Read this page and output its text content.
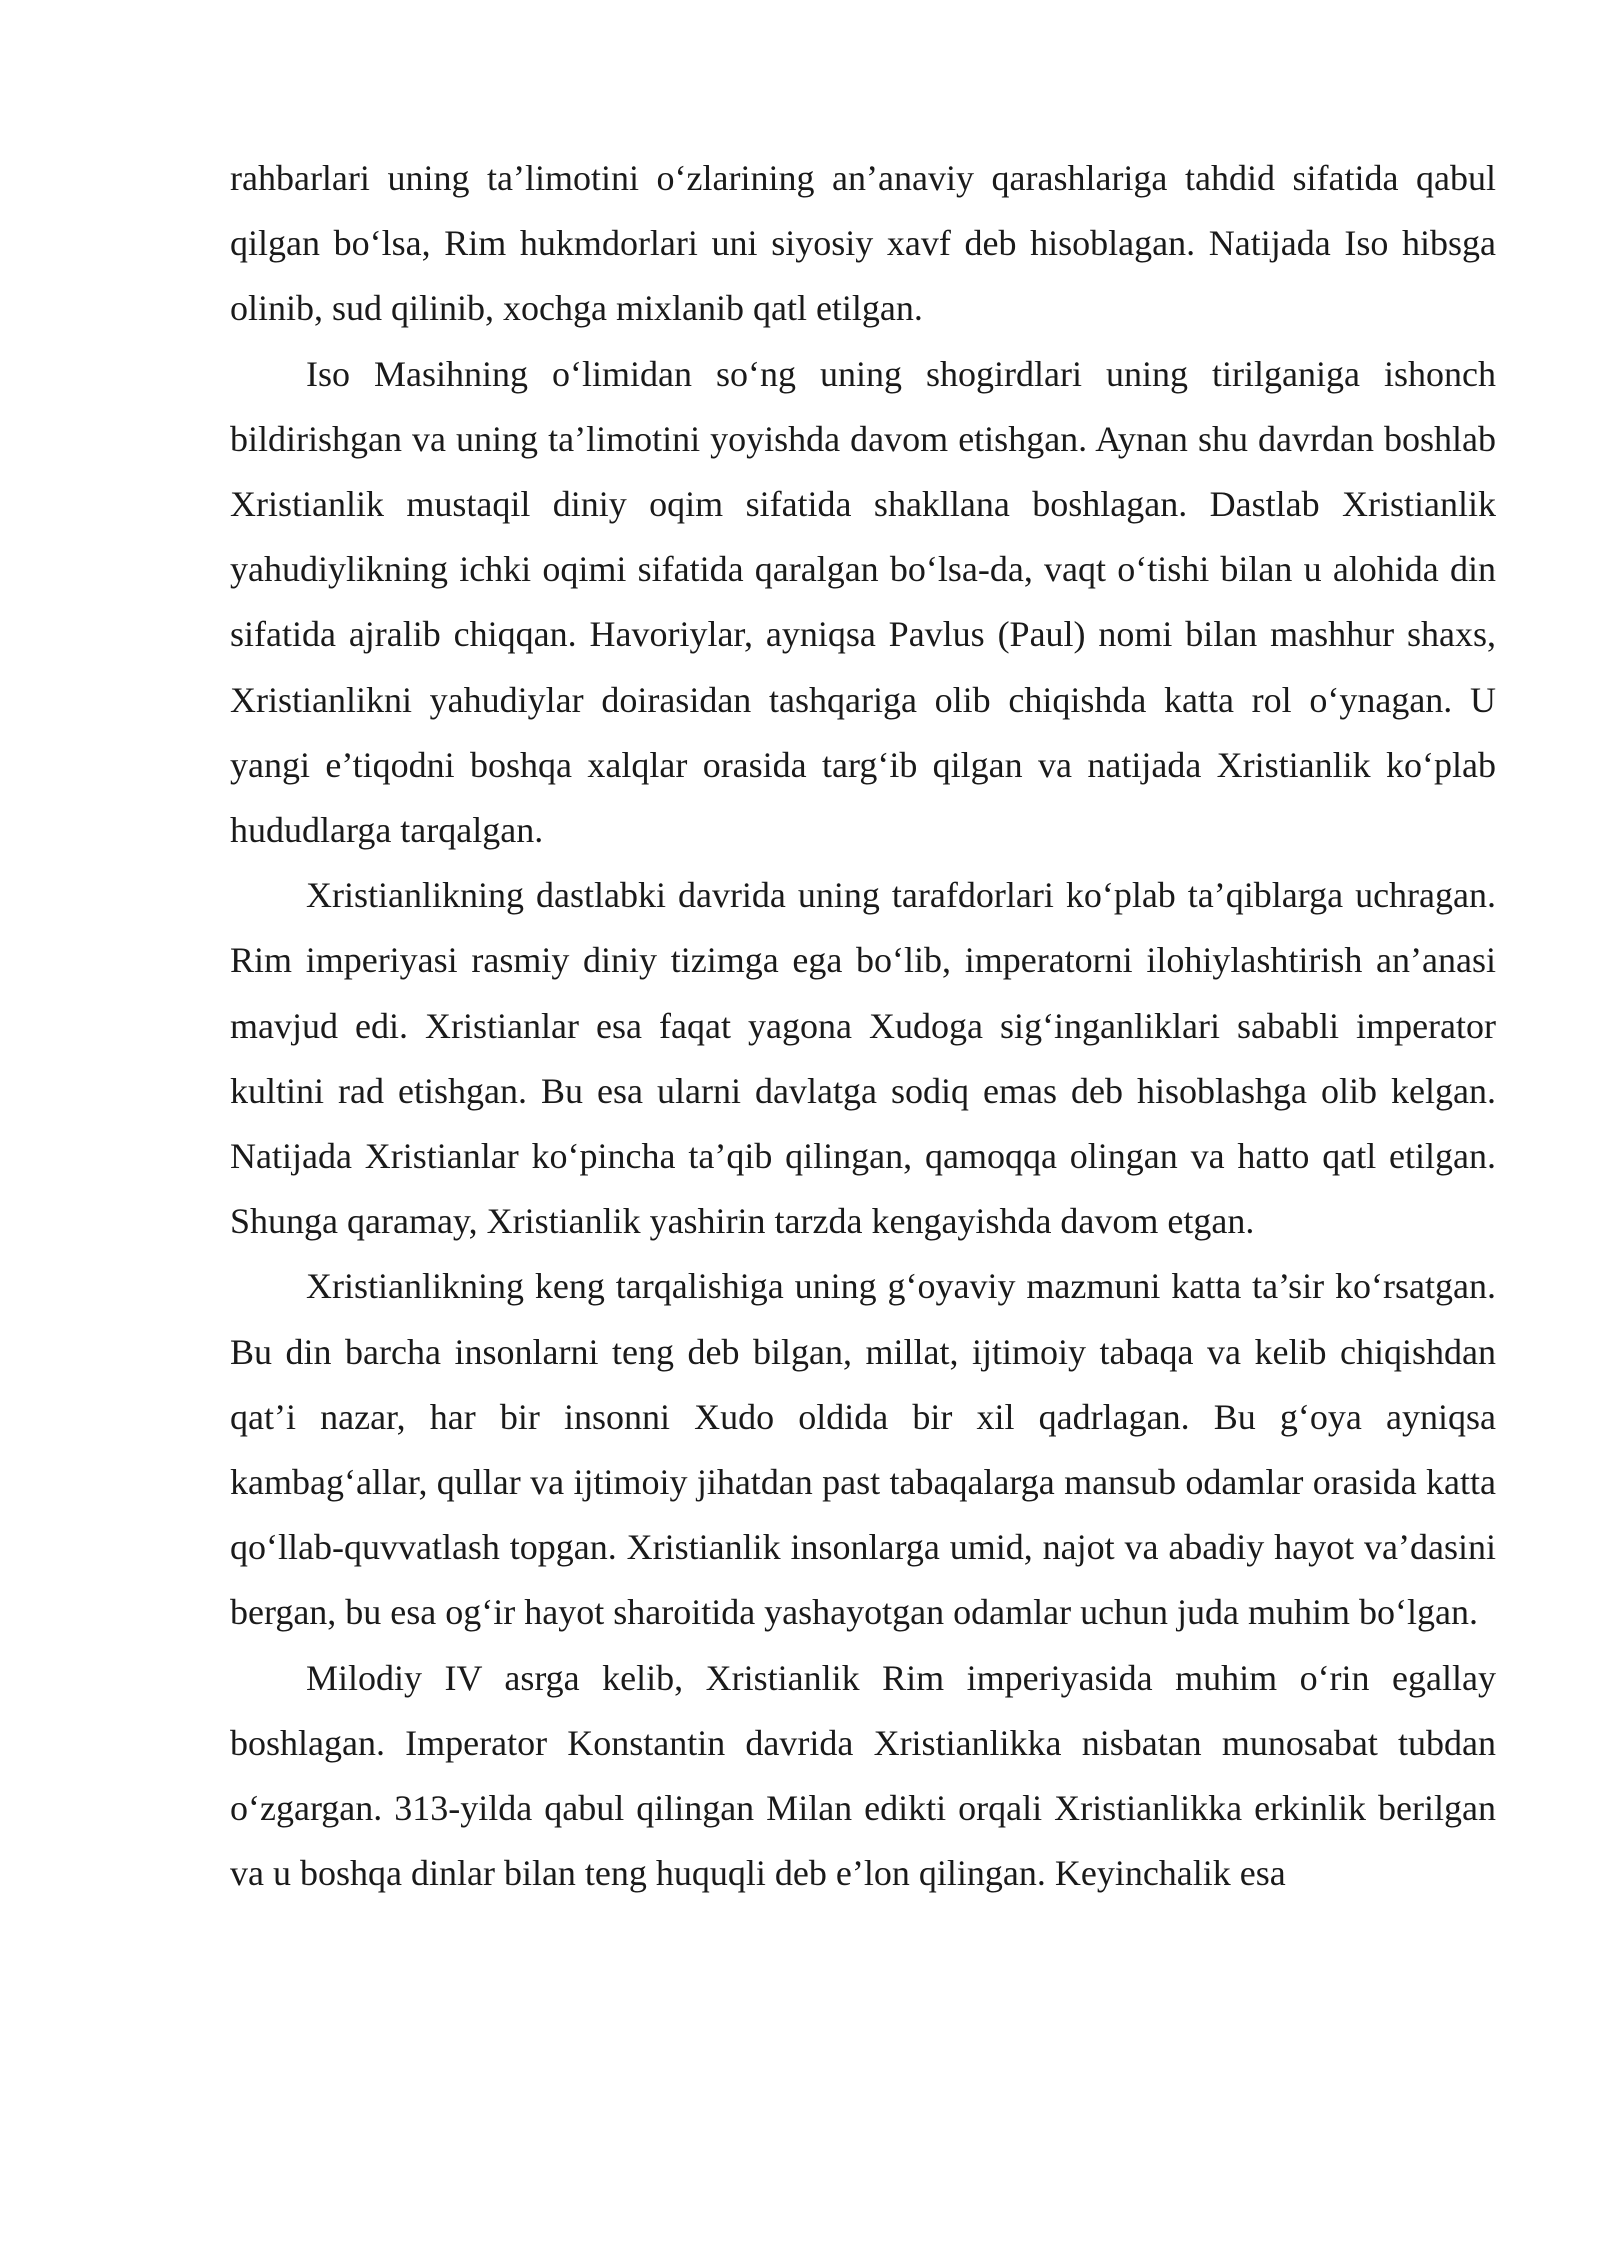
rahbarlari uning ta’limotini o‘zlarining an’anaviy qarashlariga tahdid sifatida qabul qilgan bo‘lsa, Rim hukmdorlari uni siyosiy xavf deb hisoblagan. Natijada Iso hibsga olinib, sud qilinib, xochga mixlanib qatl etilgan.

Iso Masihning o‘limidan so‘ng uning shogirdlari uning tirilganiga ishonch bildirishgan va uning ta’limotini yoyishda davom etishgan. Aynan shu davrdan boshlab Xristianlik mustaqil diniy oqim sifatida shakllana boshlagan. Dastlab Xristianlik yahudiylikning ichki oqimi sifatida qaralgan bo‘lsa-da, vaqt o‘tishi bilan u alohida din sifatida ajralib chiqqan. Havoriylar, ayniqsa Pavlus (Paul) nomi bilan mashhur shaxs, Xristianlikni yahudiylar doirasidan tashqariga olib chiqishda katta rol o‘ynagan. U yangi e’tiqodni boshqa xalqlar orasida targ‘ib qilgan va natijada Xristianlik ko‘plab hududlarga tarqalgan.

Xristianlikning dastlabki davrida uning tarafdorlari ko‘plab ta’qiblarga uchragan. Rim imperiyasi rasmiy diniy tizimga ega bo‘lib, imperatorni ilohiylashtirish an’anasi mavjud edi. Xristianlar esa faqat yagona Xudoga sig‘inganliklari sababli imperator kultini rad etishgan. Bu esa ularni davlatga sodiq emas deb hisoblashga olib kelgan. Natijada Xristianlar ko‘pincha ta’qib qilingan, qamoqqa olingan va hatto qatl etilgan. Shunga qaramay, Xristianlik yashirin tarzda kengayishda davom etgan.

Xristianlikning keng tarqalishiga uning g‘oyaviy mazmuni katta ta’sir ko‘rsatgan. Bu din barcha insonlarni teng deb bilgan, millat, ijtimoiy tabaqa va kelib chiqishdan qat’i nazar, har bir insonni Xudo oldida bir xil qadrlagan. Bu g‘oya ayniqsa kambag‘allar, qullar va ijtimoiy jihatdan past tabaqalarga mansub odamlar orasida katta qo‘llab-quvvatlash topgan. Xristianlik insonlarga umid, najot va abadiy hayot va’dasini bergan, bu esa og‘ir hayot sharoitida yashayotgan odamlar uchun juda muhim bo‘lgan.

Milodiy IV asrga kelib, Xristianlik Rim imperiyasida muhim o‘rin egallay boshlagan. Imperator Konstantin davrida Xristianlikka nisbatan munosabat tubdan o‘zgargan. 313-yilda qabul qilingan Milan edikti orqali Xristianlikka erkinlik berilgan va u boshqa dinlar bilan teng huquqli deb e’lon qilingan. Keyinchalik esa
